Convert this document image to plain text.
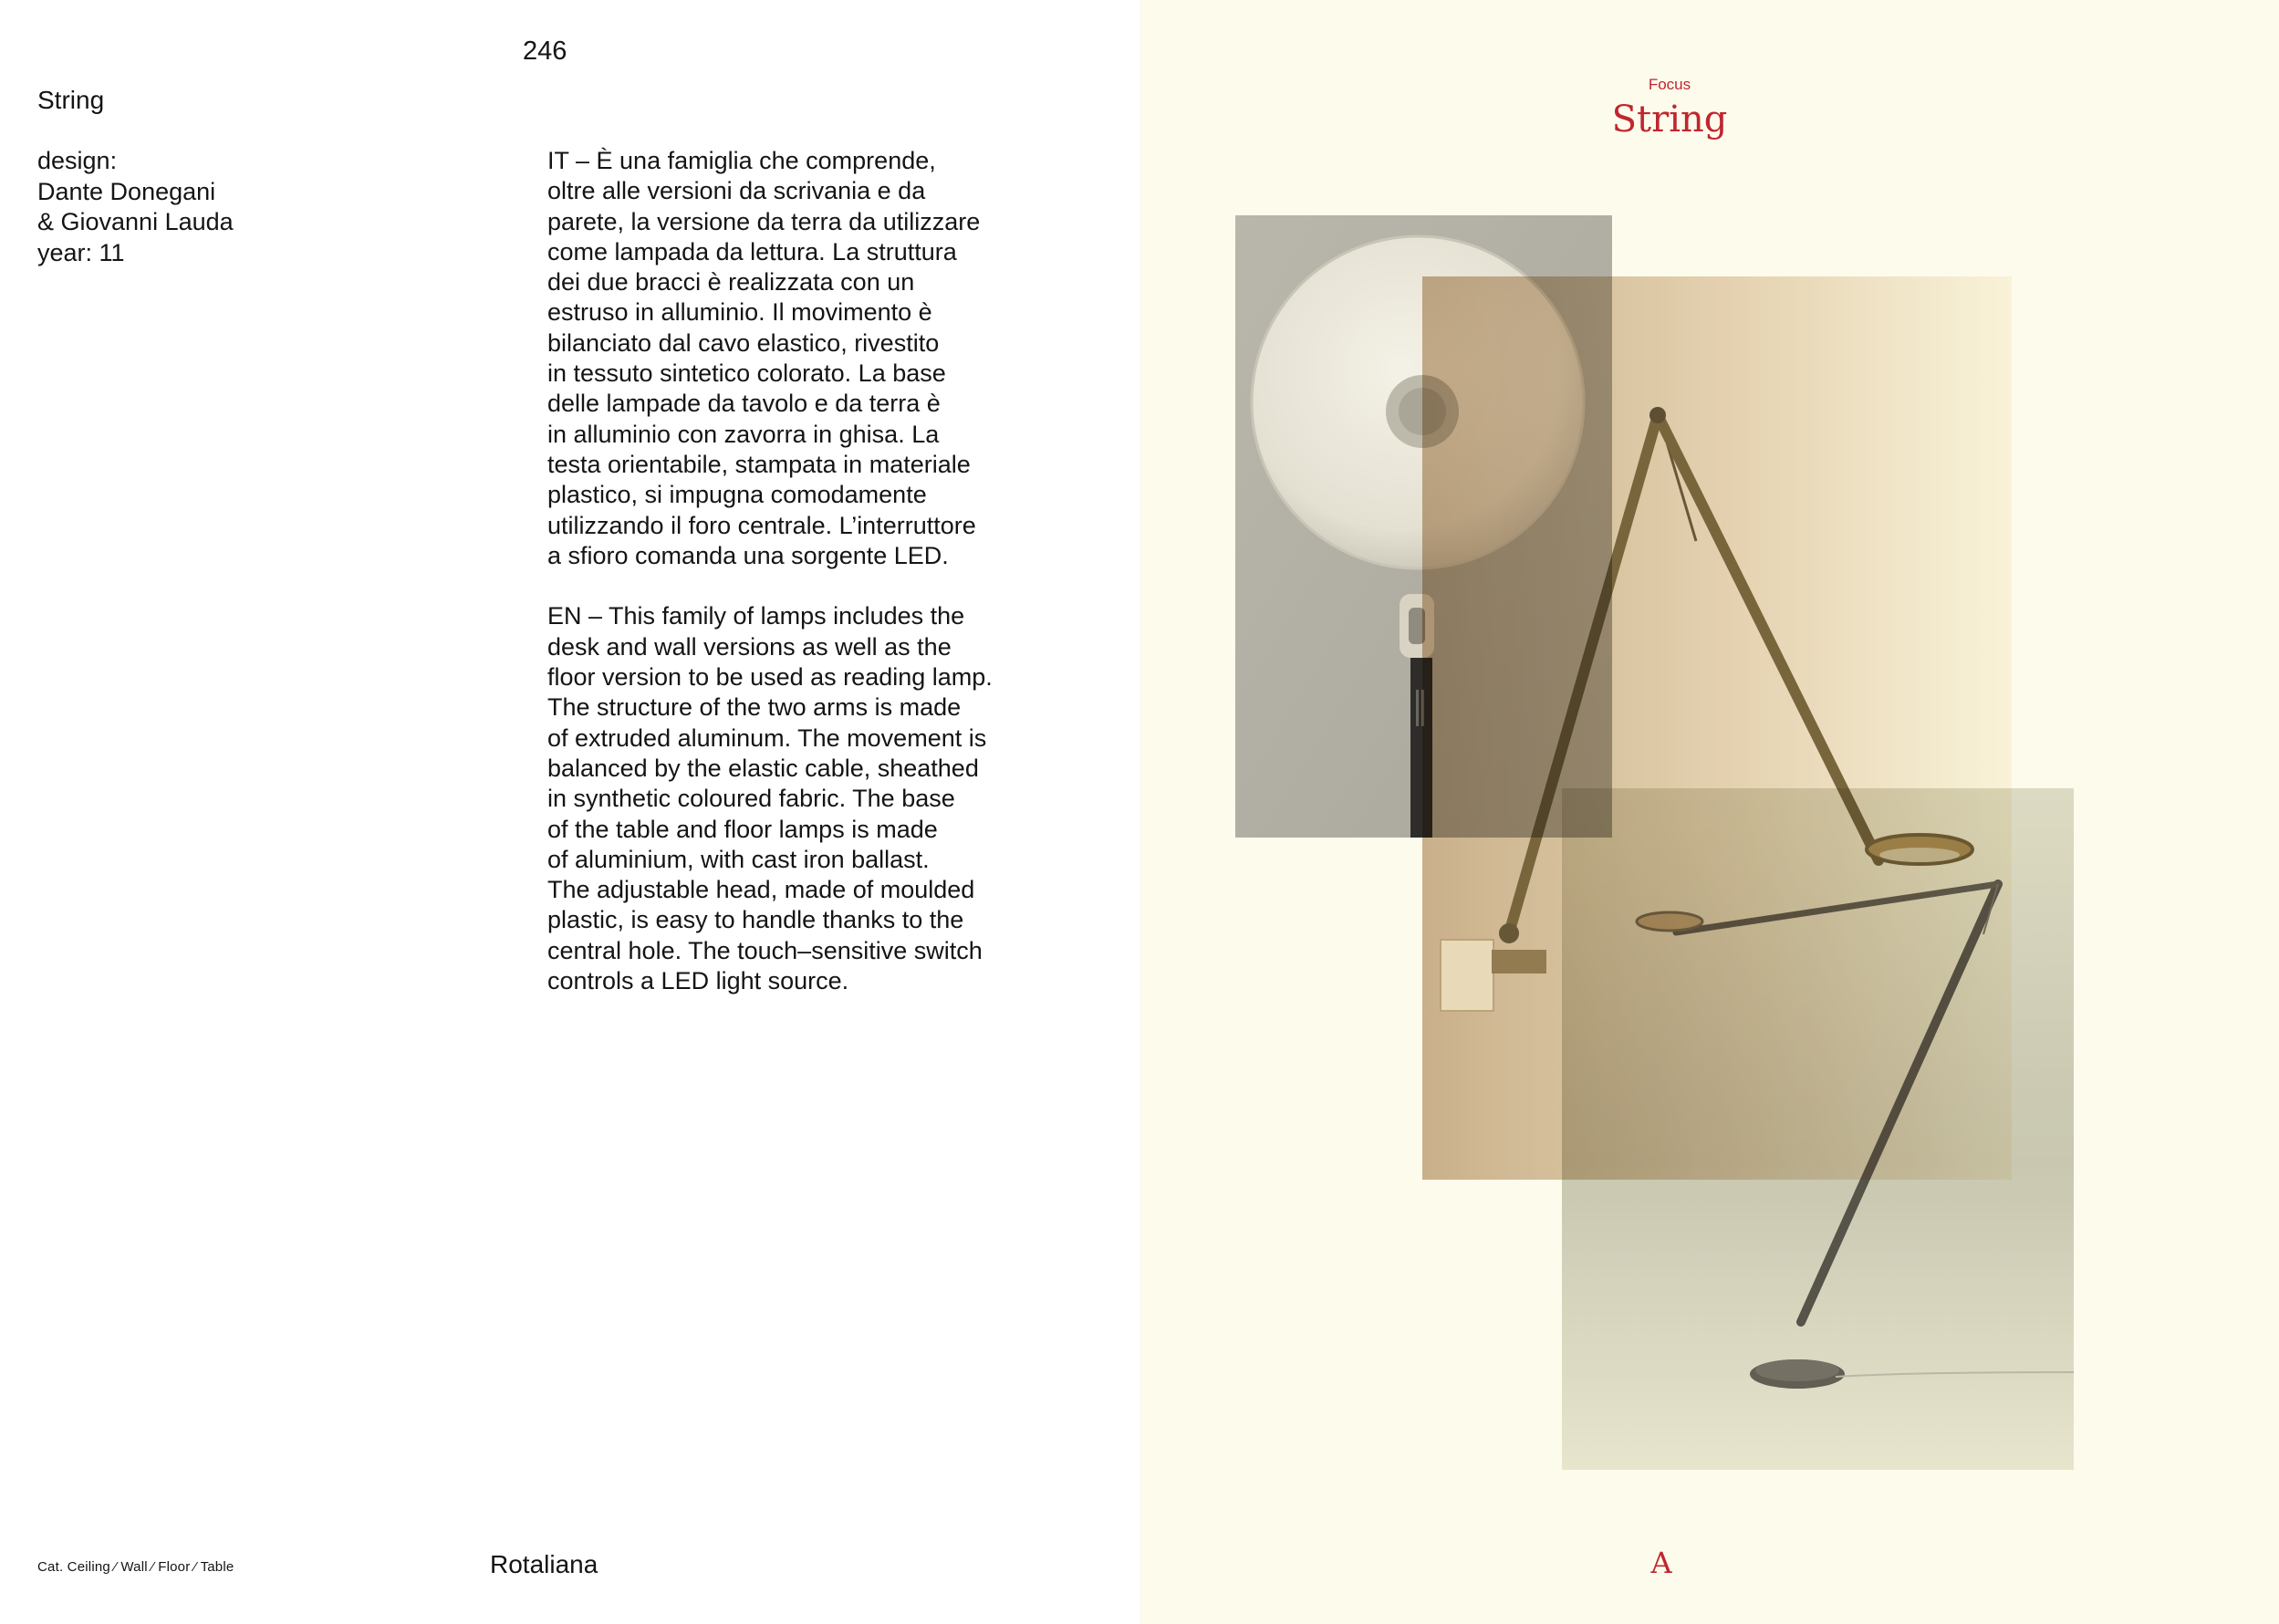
246
String
design:
Dante Donegani
& Giovanni Lauda
year: 11
IT – È una famiglia che comprende,
oltre alle versioni da scrivania e da
parete, la versione da terra da utilizzare
come lampada da lettura. La struttura
dei due bracci è realizzata con un
estruso in alluminio. Il movimento è
bilanciato dal cavo elastico, rivestito
in tessuto sintetico colorato. La base
delle lampade da tavolo e da terra è
in alluminio con zavorra in ghisa. La
testa orientabile, stampata in materiale
plastico, si impugna comodamente
utilizzando il foro centrale. L’interruttore
a sfioro comanda una sorgente LED.
EN – This family of lamps includes the
desk and wall versions as well as the
floor version to be used as reading lamp.
The structure of the two arms is made
of extruded aluminum. The movement is
balanced by the elastic cable, sheathed
in synthetic coloured fabric. The base
of the table and floor lamps is made
of aluminium, with cast iron ballast.
The adjustable head, made of moulded
plastic, is easy to handle thanks to the
central hole. The touch–sensitive switch
controls a LED light source.
Cat. Ceiling ⁄ Wall ⁄ Floor ⁄ Table	Rotaliana
Focus
String
A
